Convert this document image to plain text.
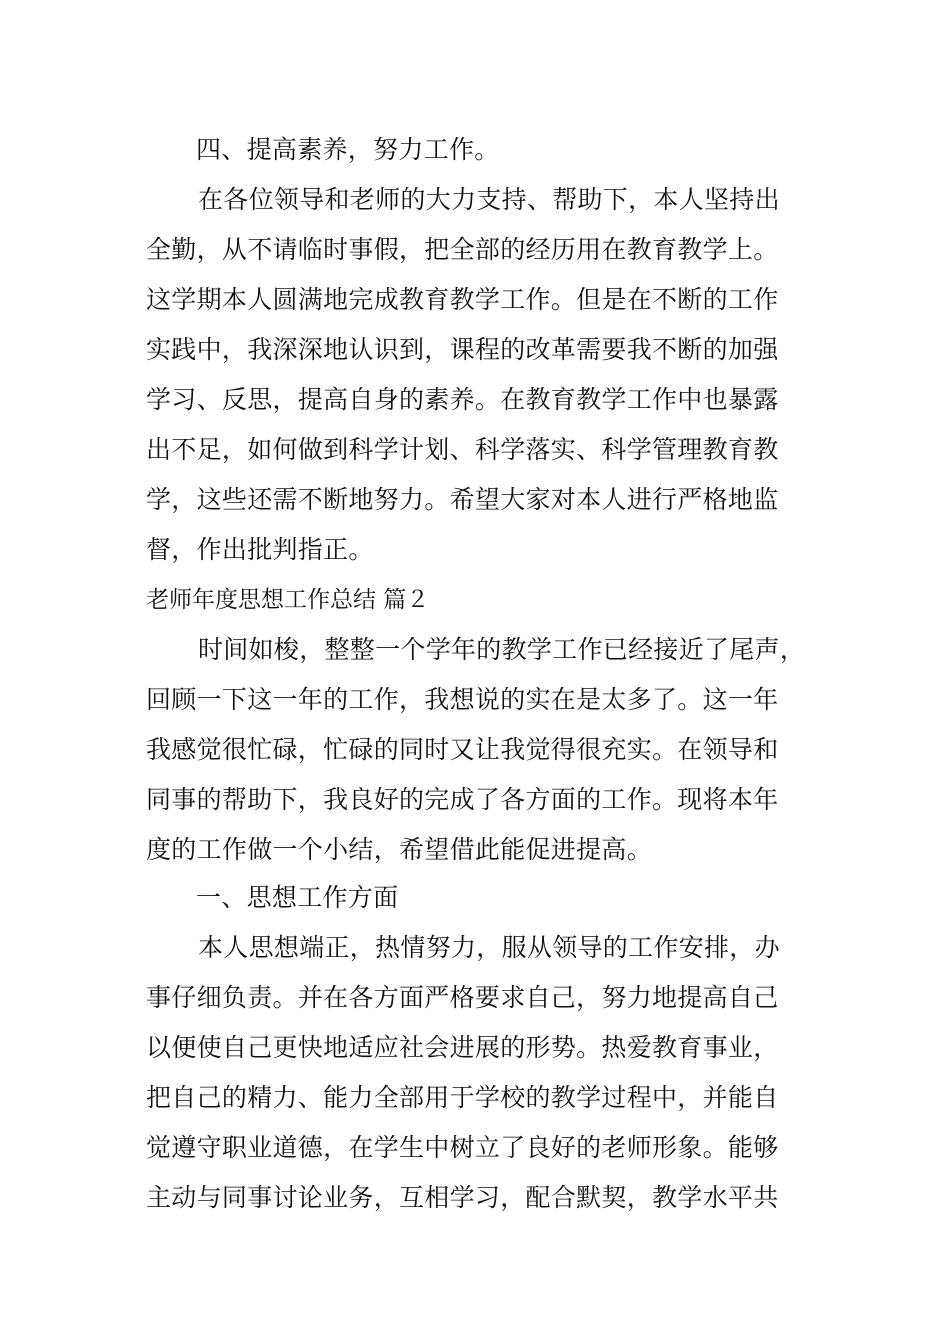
四、提高素养，努力工作。
在各位领导和老师的大力支持、帮助下，本人坚持出
全勤，从不请临时事假，把全部的经历用在教育教学上。
这学期本人圆满地完成教育教学工作。但是在不断的工作
实践中，我深深地认识到，课程的改革需要我不断的加强
学习、反思，提高自身的素养。在教育教学工作中也暴露
出不足，如何做到科学计划、科学落实、科学管理教育教
学，这些还需不断地努力。希望大家对本人进行严格地监
督，作出批判指正。
老师年度思想工作总结 篇２
时间如梭，整整一个学年的教学工作已经接近了尾声，
回顾一下这一年的工作，我想说的实在是太多了。这一年
我感觉很忙碌，忙碌的同时又让我觉得很充实。在领导和
同事的帮助下，我良好的完成了各方面的工作。现将本年
度的工作做一个小结，希望借此能促进提高。
一、思想工作方面
本人思想端正，热情努力，服从领导的工作安排，办
事仔细负责。并在各方面严格要求自己，努力地提高自己
以便使自己更快地适应社会进展的形势。热爱教育事业，
把自己的精力、能力全部用于学校的教学过程中，并能自
觉遵守职业道德，在学生中树立了良好的老师形象。能够
主动与同事讨论业务，互相学习，配合默契，教学水平共
